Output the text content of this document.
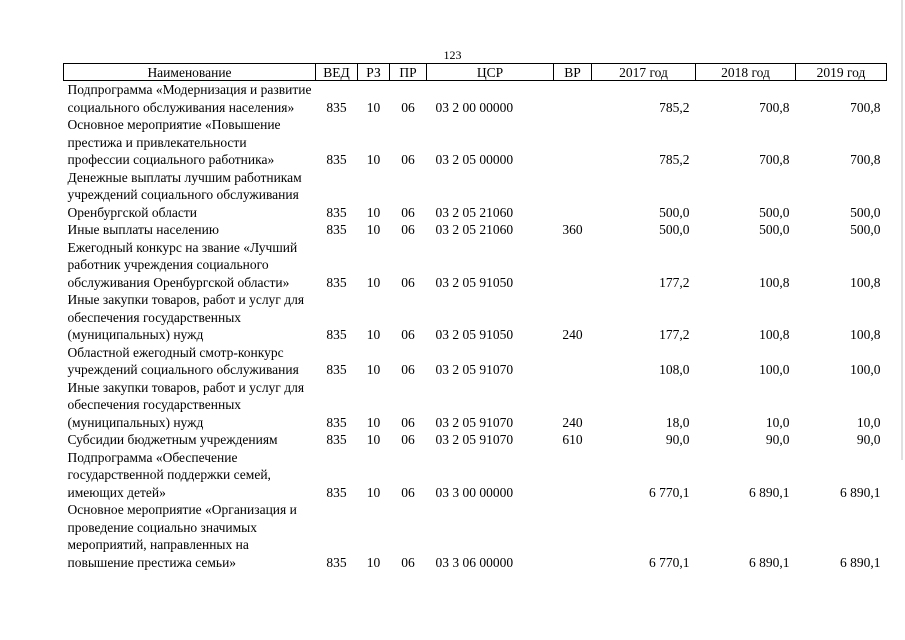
123
Наименование	ВЕД	РЗ	ПР	ЦСР	ВР	2017 год	2018 год	2019 год
Подпрограмма «Модернизация и развитие социального обслуживания населения»	835	10	06	03 2 00 00000		785,2	700,8	700,8
Основное мероприятие «Повышение престижа и привлекательности профессии социального работника»	835	10	06	03 2 05 00000		785,2	700,8	700,8
Денежные выплаты лучшим работникам учреждений социального обслуживания Оренбургской области	835	10	06	03 2 05 21060		500,0	500,0	500,0
Иные выплаты населению	835	10	06	03 2 05 21060	360	500,0	500,0	500,0
Ежегодный конкурс на звание «Лучший работник учреждения социального обслуживания Оренбургской области»	835	10	06	03 2 05 91050		177,2	100,8	100,8
Иные закупки товаров, работ и услуг для обеспечения государственных (муниципальных) нужд	835	10	06	03 2 05 91050	240	177,2	100,8	100,8
Областной ежегодный смотр-конкурс учреждений социального обслуживания	835	10	06	03 2 05 91070		108,0	100,0	100,0
Иные закупки товаров, работ и услуг для обеспечения государственных (муниципальных) нужд	835	10	06	03 2 05 91070	240	18,0	10,0	10,0
Субсидии бюджетным учреждениям	835	10	06	03 2 05 91070	610	90,0	90,0	90,0
Подпрограмма «Обеспечение государственной поддержки семей, имеющих детей»	835	10	06	03 3 00 00000		6 770,1	6 890,1	6 890,1
Основное мероприятие «Организация и проведение социально значимых мероприятий, направленных на повышение престижа семьи»	835	10	06	03 3 06 00000		6 770,1	6 890,1	6 890,1
